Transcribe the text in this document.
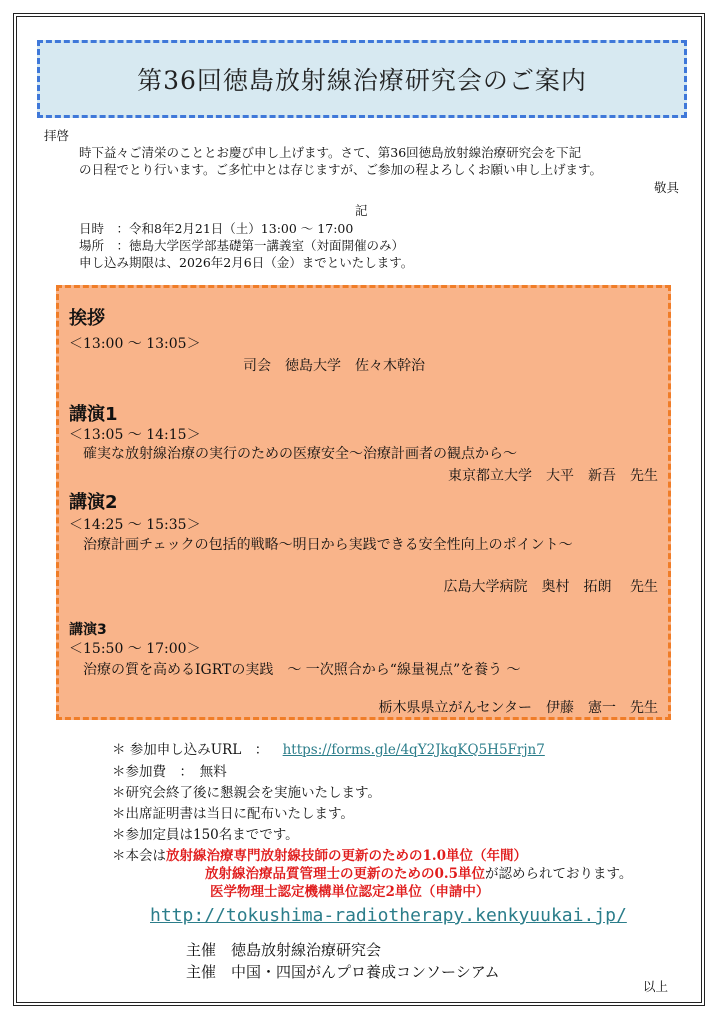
第36回徳島放射線治療研究会のご案内
拝啓
時下益々ご清栄のこととお慶び申し上げます。さて、第36回徳島放射線治療研究会を下記
の日程でとり行います。ご多忙中とは存じますが、ご参加の程よろしくお願い申し上げます。
敬具
記
日時　：令和8年2月21日（土）13:00 ～ 17:00
場所　：徳島大学医学部基礎第一講義室（対面開催のみ）
申し込み期限は、2026年2月6日（金）までといたします。
挨拶
＜13:00 ～ 13:05＞
司会　徳島大学　佐々木幹治
講演1
＜13:05 ～ 14:15＞
確実な放射線治療の実行のための医療安全～治療計画者の観点から～
東京都立大学　大平　新吾　先生
講演2
＜14:25 ～ 15:35＞
治療計画チェックの包括的戦略～明日から実践できる安全性向上のポイント～
広島大学病院　奥村　拓朗　 先生
講演3
＜15:50 ～ 17:00＞
治療の質を高めるIGRTの実践　～ 一次照合から“線量視点”を養う ～
栃木県県立がんセンター　伊藤　憲一　先生
＊ 参加申し込みURL　： https://forms.gle/4qY2JkqKQ5H5Frjn7
＊参加費　：　無料
＊研究会終了後に懇親会を実施いたします。
＊出席証明書は当日に配布いたします。
＊参加定員は150名までです。
＊本会は放射線治療専門放射線技師の更新のための1.0単位（年間）
放射線治療品質管理士の更新のための0.5単位が認められております。
医学物理士認定機構単位認定2単位（申請中）
http://tokushima-radiotherapy.kenkyuukai.jp/
主催　徳島放射線治療研究会
主催　中国・四国がんプロ養成コンソーシアム
以上
